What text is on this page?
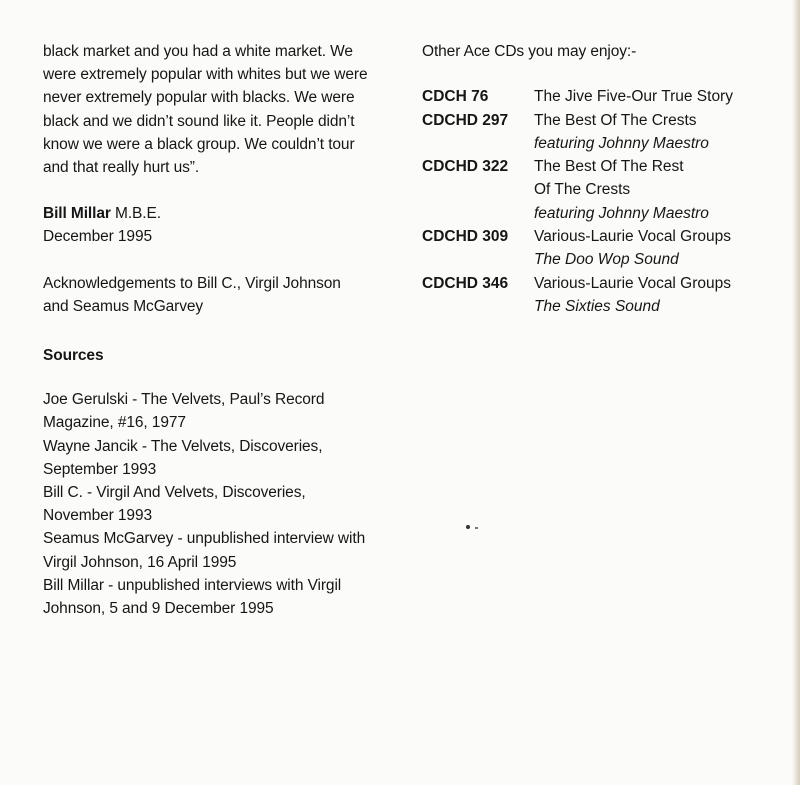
black market and you had a white market. We
were extremely popular with whites but we were
never extremely popular with blacks. We were
black and we didn’t sound like it. People didn’t
know we were a black group. We couldn’t tour
and that really hurt us”.
Bill Millar M.B.E.
December 1995
Acknowledgements to Bill C., Virgil Johnson
and Seamus McGarvey
Sources
Joe Gerulski - The Velvets, Paul’s Record
Magazine, #16, 1977
Wayne Jancik - The Velvets, Discoveries,
September 1993
Bill C. - Virgil And Velvets, Discoveries,
November 1993
Seamus McGarvey - unpublished interview with
Virgil Johnson, 16 April 1995
Bill Millar - unpublished interviews with Virgil
Johnson, 5 and 9 December 1995
Other Ace CDs you may enjoy:-
CDCH 76	The Jive Five-Our True Story
CDCHD 297	The Best Of The Crests
featuring Johnny Maestro
CDCHD 322	The Best Of The Rest
Of The Crests
featuring Johnny Maestro
CDCHD 309	Various-Laurie Vocal Groups
The Doo Wop Sound
CDCHD 346	Various-Laurie Vocal Groups
The Sixties Sound
